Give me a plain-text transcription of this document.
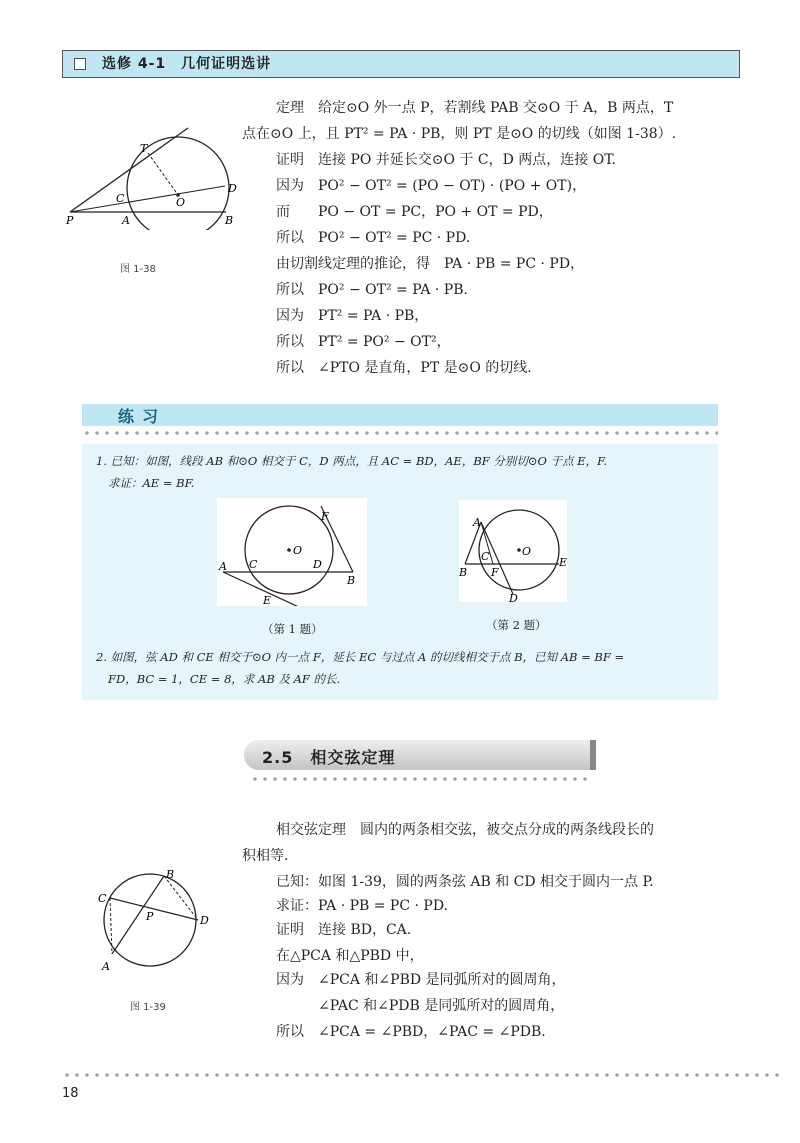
选修 4-1　几何证明选讲
T
C	O
D
P	A	B
图 1-38
定理　给定⊙O 外一点 P，若割线 PAB 交⊙O 于 A，B 两点，T
点在⊙O 上，且 PT² = PA · PB，则 PT 是⊙O 的切线（如图 1-38）.
证明　连接 PO 并延长交⊙O 于 C，D 两点，连接 OT.
因为　PO² − OT² = (PO − OT) · (PO + OT)，
而　　PO − OT = PC，PO + OT = PD，
所以　PO² − OT² = PC · PD.
由切割线定理的推论，得　PA · PB = PC · PD，
所以　PO² − OT² = PA · PB.
因为　PT² = PA · PB，
所以　PT² = PO² − OT²，
所以　∠PTO 是直角，PT 是⊙O 的切线.
练习
1. 已知：如图，线段 AB 和⊙O 相交于 C，D 两点，且 AC = BD，AE，BF 分别切⊙O 于点 E，F.
求证：AE = BF.
F
O
A C	D
B
E
（第 1 题）
A
C	O
F
E
B
D
（第 2 题）
2. 如图，弦 AD 和 CE 相交于⊙O 内一点 F，延长 EC 与过点 A 的切线相交于点 B，已知 AB = BF =
FD，BC = 1，CE = 8，求 AB 及 AF 的长.
2.5　相交弦定理
相交弦定理　圆内的两条相交弦，被交点分成的两条线段长的
积相等.
已知：如图 1-39，圆的两条弦 AB 和 CD 相交于圆内一点 P.
求证：PA · PB = PC · PD.
证明　连接 BD，CA.
在△PCA 和△PBD 中，
因为　∠PCA 和∠PBD 是同弧所对的圆周角，
　　　∠PAC 和∠PDB 是同弧所对的圆周角，
所以　∠PCA = ∠PBD，∠PAC = ∠PDB.
C
B
P	D
A
图 1-39
18
